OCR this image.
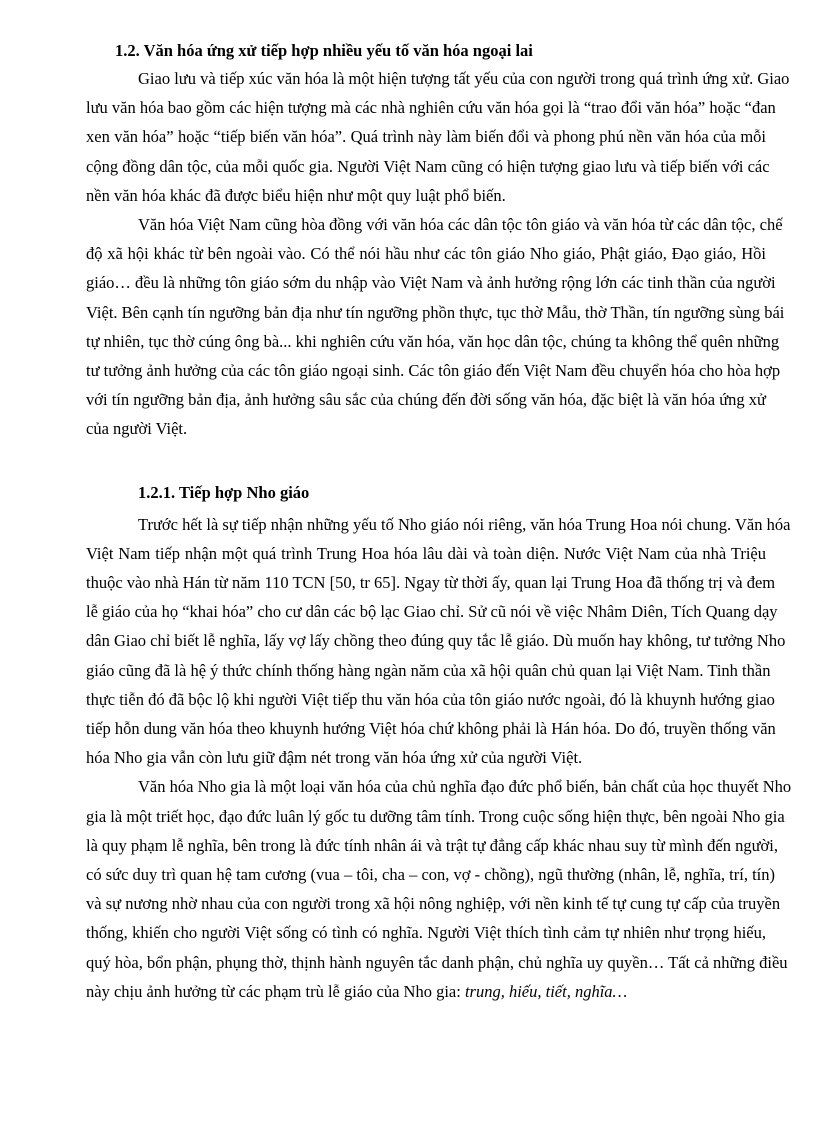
1.2. Văn hóa ứng xử tiếp hợp nhiều yếu tố văn hóa ngoại lai
Giao lưu và tiếp xúc văn hóa là một hiện tượng tất yếu của con người trong quá trình ứng xử. Giao
lưu văn hóa bao gồm các hiện tượng mà các nhà nghiên cứu văn hóa gọi là “trao đổi văn hóa” hoặc “đan
xen văn hóa” hoặc “tiếp biến văn hóa”. Quá trình này làm biến đổi và phong phú nền văn hóa của mỗi
cộng đồng dân tộc, của mỗi quốc gia. Người Việt Nam cũng có hiện tượng giao lưu và tiếp biến với các
nền văn hóa khác đã được biểu hiện như một quy luật phổ biến.
Văn hóa Việt Nam cũng hòa đồng với văn hóa các dân tộc tôn giáo và văn hóa từ các dân tộc, chế
độ xã hội khác từ bên ngoài vào. Có thể nói hầu như các tôn giáo Nho giáo, Phật giáo, Đạo giáo, Hồi
giáo… đều là những tôn giáo sớm du nhập vào Việt Nam và ảnh hưởng rộng lớn các tinh thần của người
Việt. Bên cạnh tín ngưỡng bản địa như tín ngưỡng phồn thực, tục thờ Mẫu, thờ Thần, tín ngưỡng sùng bái
tự nhiên, tục thờ cúng ông bà... khi nghiên cứu văn hóa, văn học dân tộc, chúng ta không thể quên những
tư tưởng ảnh hưởng của các tôn giáo ngoại sinh. Các tôn giáo đến Việt Nam đều chuyển hóa cho hòa hợp
với tín ngưỡng bản địa, ảnh hưởng sâu sắc của chúng đến đời sống văn hóa, đặc biệt là văn hóa ứng xử
của người Việt.
1.2.1. Tiếp hợp Nho giáo
Trước hết là sự tiếp nhận những yếu tố Nho giáo nói riêng, văn hóa Trung Hoa nói chung. Văn hóa
Việt Nam tiếp nhận một quá trình Trung Hoa hóa lâu dài và toàn diện. Nước Việt Nam của nhà Triệu
thuộc vào nhà Hán từ năm 110 TCN [50, tr 65]. Ngay từ thời ấy, quan lại Trung Hoa đã thống trị và đem
lễ giáo của họ “khai hóa” cho cư dân các bộ lạc Giao chỉ. Sử cũ nói về việc Nhâm Diên, Tích Quang dạy
dân Giao chỉ biết lễ nghĩa, lấy vợ lấy chồng theo đúng quy tắc lễ giáo. Dù muốn hay không, tư tưởng Nho
giáo cũng đã là hệ ý thức chính thống hàng ngàn năm của xã hội quân chủ quan lại Việt Nam. Tinh thần
thực tiễn đó đã bộc lộ khi người Việt tiếp thu văn hóa của tôn giáo nước ngoài, đó là khuynh hướng giao
tiếp hỗn dung văn hóa theo khuynh hướng Việt hóa chứ không phải là Hán hóa. Do đó, truyền thống văn
hóa Nho gia vẫn còn lưu giữ đậm nét trong văn hóa ứng xử của người Việt.
Văn hóa Nho gia là một loại văn hóa của chủ nghĩa đạo đức phổ biến, bản chất của học thuyết Nho
gia là một triết học, đạo đức luân lý gốc tu dưỡng tâm tính. Trong cuộc sống hiện thực, bên ngoài Nho gia
là quy phạm lễ nghĩa, bên trong là đức tính nhân ái và trật tự đẳng cấp khác nhau suy từ mình đến người,
có sức duy trì quan hệ tam cương (vua – tôi, cha – con, vợ - chồng), ngũ thường (nhân, lễ, nghĩa, trí, tín)
và sự nương nhờ nhau của con người trong xã hội nông nghiệp, với nền kinh tế tự cung tự cấp của truyền
thống, khiến cho người Việt sống có tình có nghĩa. Người Việt thích tình cảm tự nhiên như trọng hiếu,
quý hòa, bổn phận, phụng thờ, thịnh hành nguyên tắc danh phận, chủ nghĩa uy quyền… Tất cả những điều
này chịu ảnh hưởng từ các phạm trù lễ giáo của Nho gia: trung, hiếu, tiết, nghĩa…
